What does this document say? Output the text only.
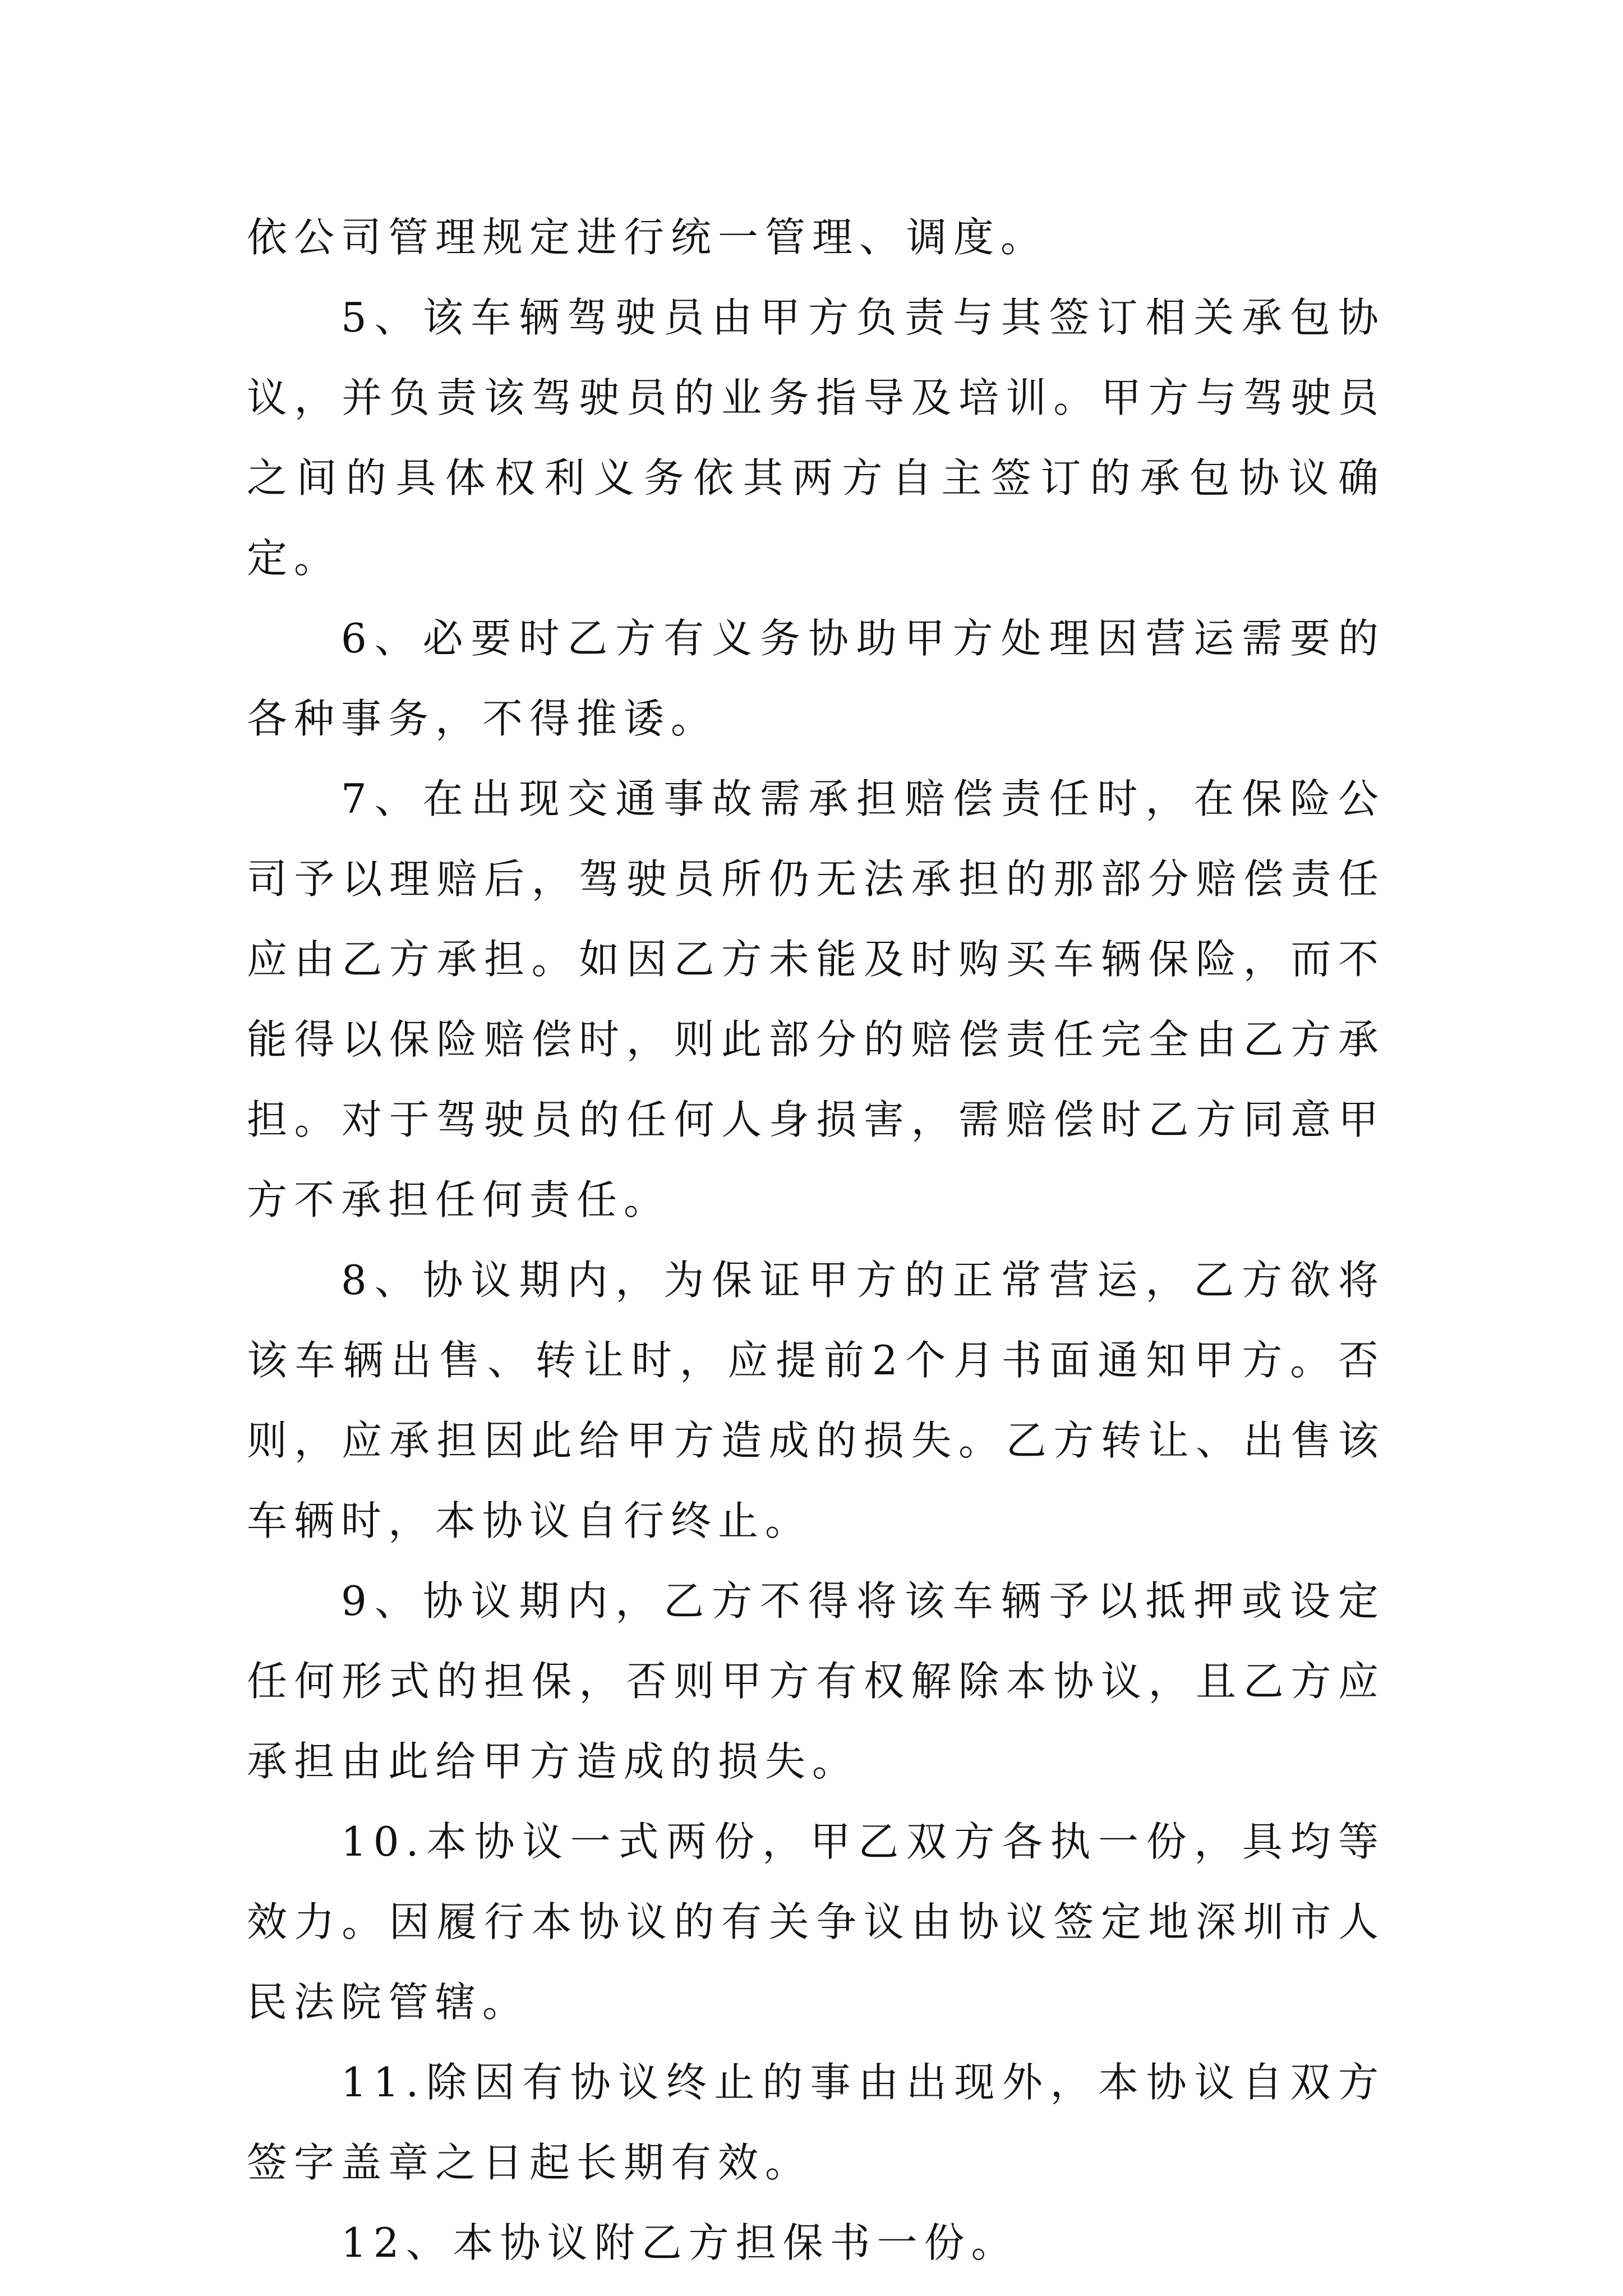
依公司管理规定进行统一管理、调度。

5、该车辆驾驶员由甲方负责与其签订相关承包协议，并负责该驾驶员的业务指导及培训。甲方与驾驶员之间的具体权利义务依其两方自主签订的承包协议确定。

6、必要时乙方有义务协助甲方处理因营运需要的各种事务，不得推诿。

7、在出现交通事故需承担赔偿责任时，在保险公司予以理赔后，驾驶员所仍无法承担的那部分赔偿责任应由乙方承担。如因乙方未能及时购买车辆保险，而不能得以保险赔偿时，则此部分的赔偿责任完全由乙方承担。对于驾驶员的任何人身损害，需赔偿时乙方同意甲方不承担任何责任。

8、协议期内，为保证甲方的正常营运，乙方欲将该车辆出售、转让时，应提前2个月书面通知甲方。否则，应承担因此给甲方造成的损失。乙方转让、出售该车辆时，本协议自行终止。

9、协议期内，乙方不得将该车辆予以抵押或设定任何形式的担保，否则甲方有权解除本协议，且乙方应承担由此给甲方造成的损失。

10.本协议一式两份，甲乙双方各执一份，具均等效力。因履行本协议的有关争议由协议签定地深圳市人民法院管辖。

11.除因有协议终止的事由出现外，本协议自双方签字盖章之日起长期有效。

12、本协议附乙方担保书一份。
